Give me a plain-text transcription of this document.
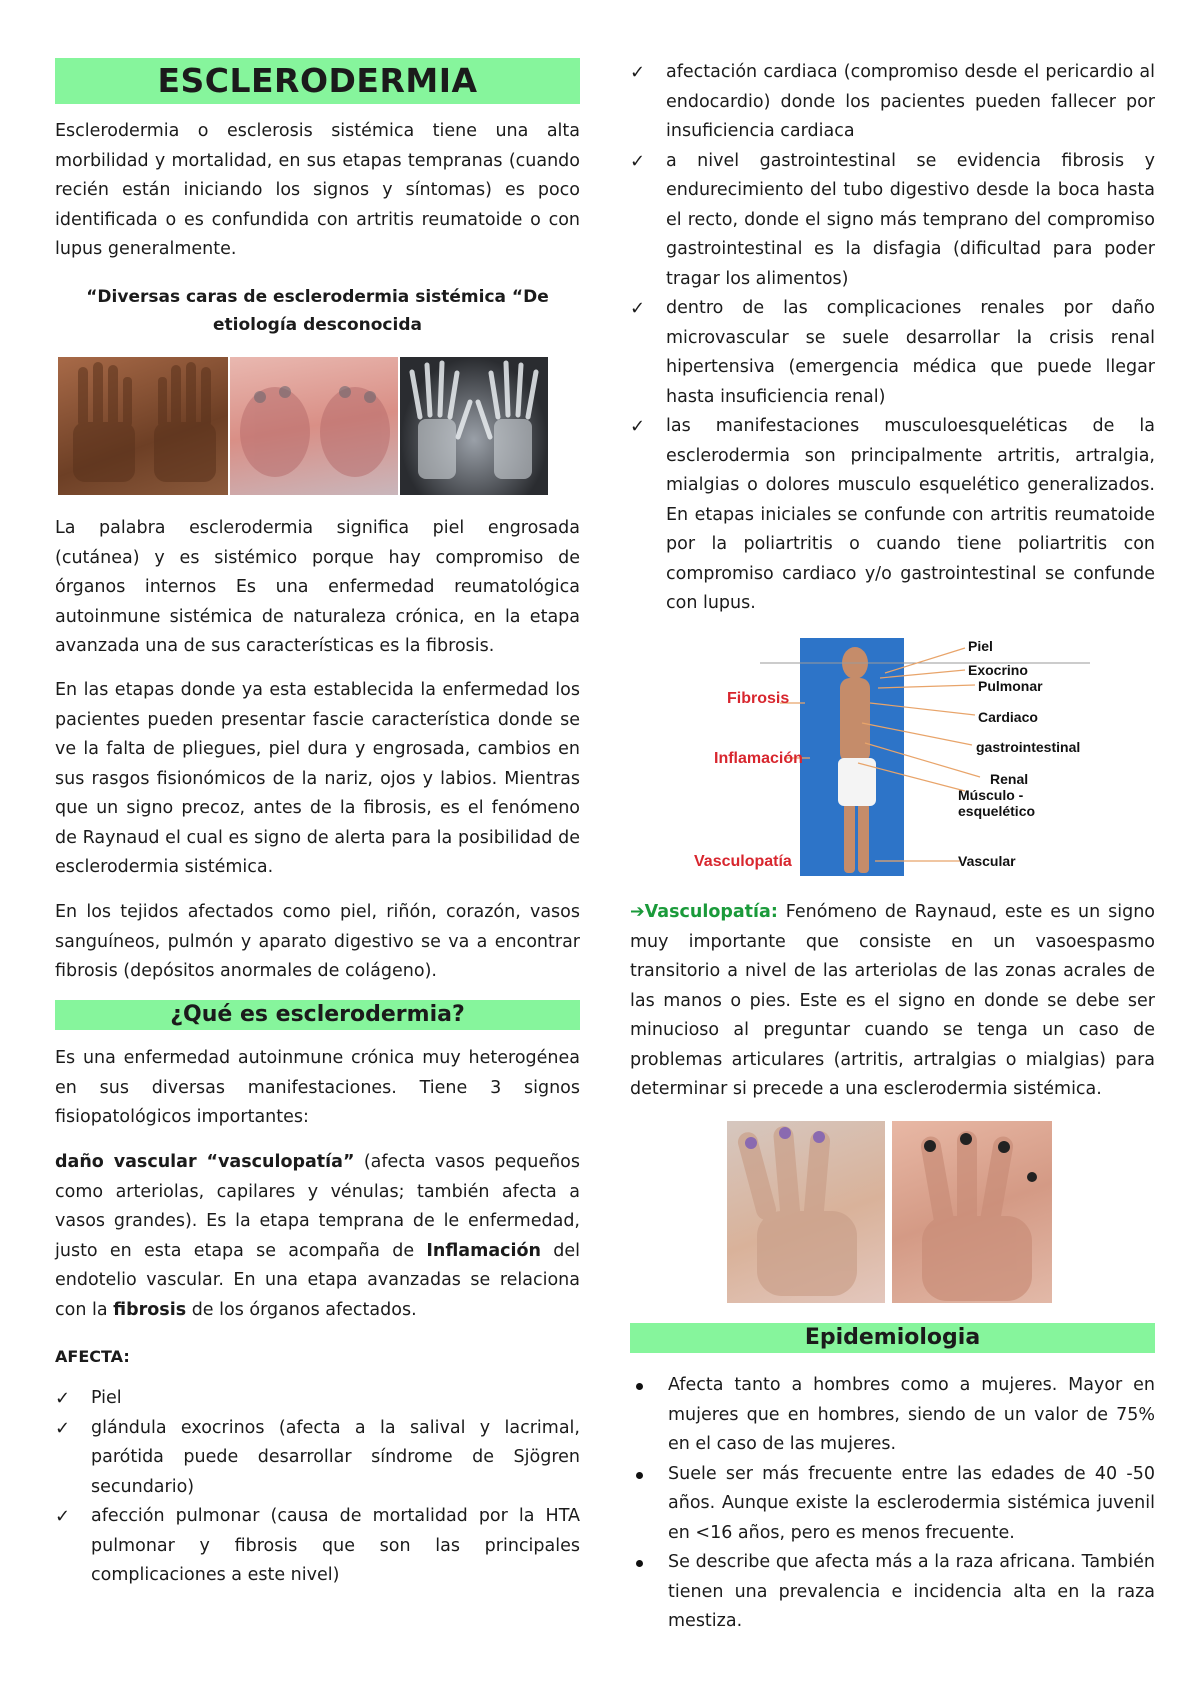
ESCLERODERMIA

Esclerodermia o esclerosis sistémica tiene una alta morbilidad y mortalidad, en sus etapas tempranas (cuando recién están iniciando los signos y síntomas) es poco identificada o es confundida con artritis reumatoide o con lupus generalmente.

“Diversas caras de esclerodermia sistémica “De etiología desconocida

La palabra esclerodermia significa piel engrosada (cutánea) y es sistémico porque hay compromiso de órganos internos Es una enfermedad reumatológica autoinmune sistémica de naturaleza crónica, en la etapa avanzada una de sus características es la fibrosis.

En las etapas donde ya esta establecida la enfermedad los pacientes pueden presentar fascie característica donde se ve la falta de pliegues, piel dura y engrosada, cambios en sus rasgos fisionómicos de la nariz, ojos y labios. Mientras que un signo precoz, antes de la fibrosis, es el fenómeno de Raynaud el cual es signo de alerta para la posibilidad de esclerodermia sistémica.

En los tejidos afectados como piel, riñón, corazón, vasos sanguíneos, pulmón y aparato digestivo se va a encontrar fibrosis (depósitos anormales de colágeno).

¿Qué es esclerodermia?

Es una enfermedad autoinmune crónica muy heterogénea en sus diversas manifestaciones. Tiene 3 signos fisiopatológicos importantes:

daño vascular “vasculopatía” (afecta vasos pequeños como arteriolas, capilares y vénulas; también afecta a vasos grandes). Es la etapa temprana de le enfermedad, justo en esta etapa se acompaña de Inflamación del endotelio vascular. En una etapa avanzadas se relaciona con la fibrosis de los órganos afectados.

AFECTA:

✓ Piel
✓ glándula exocrinos (afecta a la salival y lacrimal, parótida puede desarrollar síndrome de Sjögren secundario)
✓ afección pulmonar (causa de mortalidad por la HTA pulmonar y fibrosis que son las principales complicaciones a este nivel)
✓ afectación cardiaca (compromiso desde el pericardio al endocardio) donde los pacientes pueden fallecer por insuficiencia cardiaca
✓ a nivel gastrointestinal se evidencia fibrosis y endurecimiento del tubo digestivo desde la boca hasta el recto, donde el signo más temprano del compromiso gastrointestinal es la disfagia (dificultad para poder tragar los alimentos)
✓ dentro de las complicaciones renales por daño microvascular se suele desarrollar la crisis renal hipertensiva (emergencia médica que puede llegar hasta insuficiencia renal)
✓ las manifestaciones musculoesqueléticas de la esclerodermia son principalmente artritis, artralgia, mialgias o dolores musculo esquelético generalizados. En etapas iniciales se confunde con artritis reumatoide por la poliartritis o cuando tiene poliartritis con compromiso cardiaco y/o gastrointestinal se confunde con lupus.
Fibrosis
Inflamación
Vasculopatía
Piel
Exocrino
Pulmonar
Cardiaco
gastrointestinal
Renal
Músculo -
esquelético
Vascular

➔Vasculopatía: Fenómeno de Raynaud, este es un signo muy importante que consiste en un vasoespasmo transitorio a nivel de las arteriolas de las zonas acrales de las manos o pies. Este es el signo en donde se debe ser minucioso al preguntar cuando se tenga un caso de problemas articulares (artritis, artralgias o mialgias) para determinar si precede a una esclerodermia sistémica.

Epidemiologia
Afecta tanto a hombres como a mujeres. Mayor en mujeres que en hombres, siendo de un valor de 75% en el caso de las mujeres.
Suele ser más frecuente entre las edades de 40 -50 años. Aunque existe la esclerodermia sistémica juvenil en <16 años, pero es menos frecuente.
Se describe que afecta más a la raza africana. También tienen una prevalencia e incidencia alta en la raza mestiza.
